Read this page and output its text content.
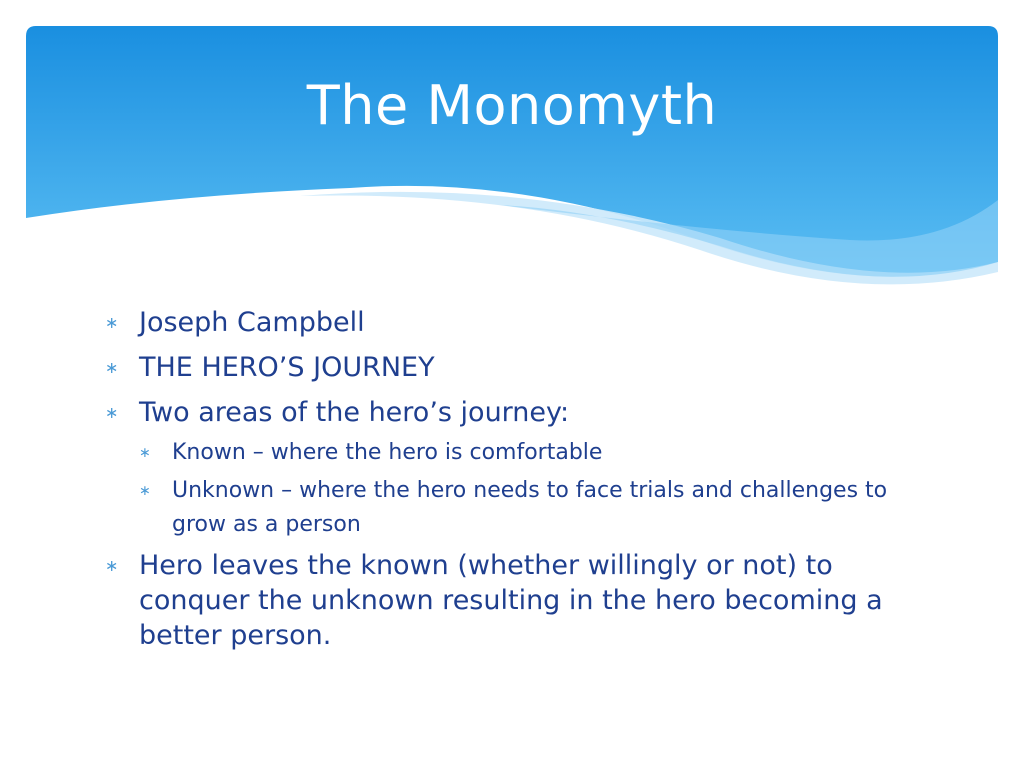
The Monomyth
∗ Joseph Campbell
∗ THE HERO’S JOURNEY
∗ Two areas of the hero’s journey:
∗ Known – where the hero is comfortable
∗ Unknown – where the hero needs to face trials and challenges to grow as a person
∗ Hero leaves the known (whether willingly or not) to conquer the unknown resulting in the hero becoming a better person.
